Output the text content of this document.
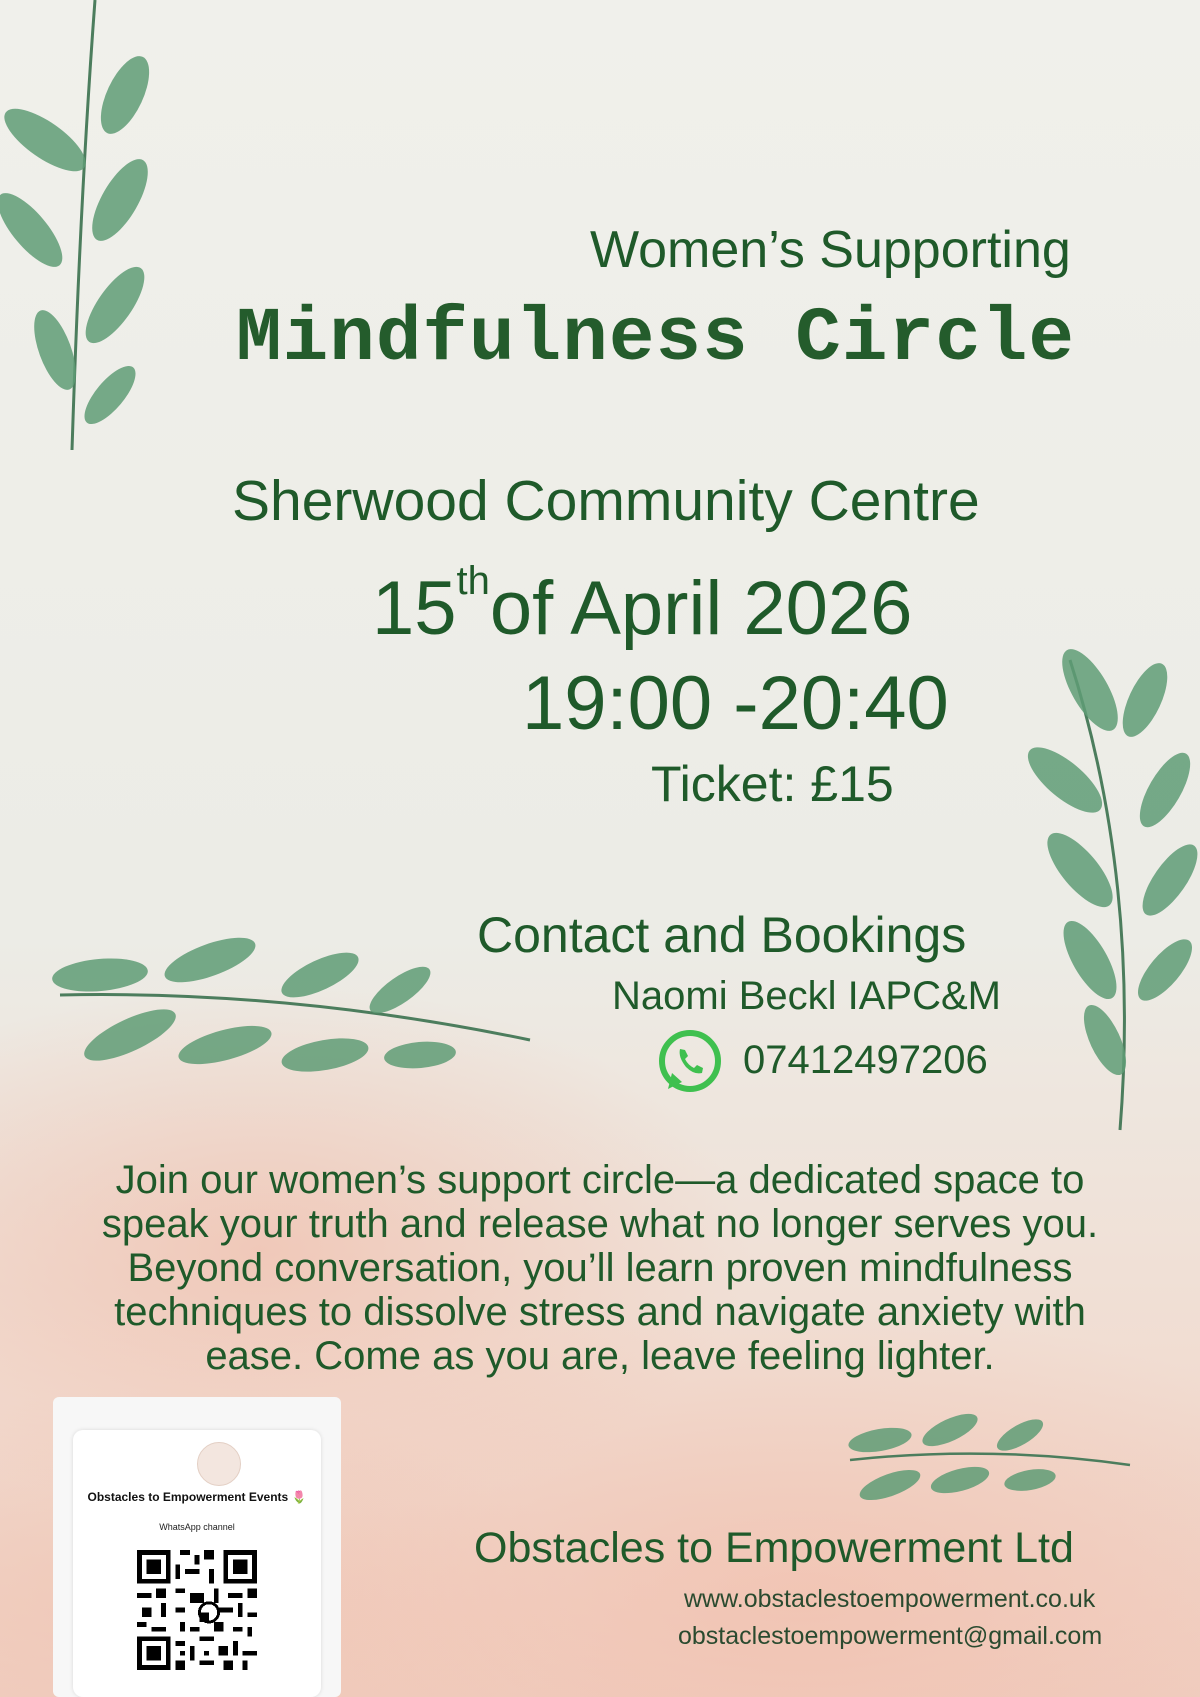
Women’s Supporting
Mindfulness Circle
Sherwood Community Centre
15thof April 2026
19:00 -20:40
Ticket: £15
Contact and Bookings
Naomi Beckl IAPC&M
07412497206
Join our women’s support circle—a dedicated space to speak your truth and release what no longer serves you. Beyond conversation, you’ll learn proven mindfulness techniques to dissolve stress and navigate anxiety with ease. Come as you are, leave feeling lighter.
Obstacles to Empowerment Events 🌷
WhatsApp channel	Obstacles to Empowerment Ltd
www.obstaclestoempowerment.co.uk
obstaclestoempowerment@gmail.com
